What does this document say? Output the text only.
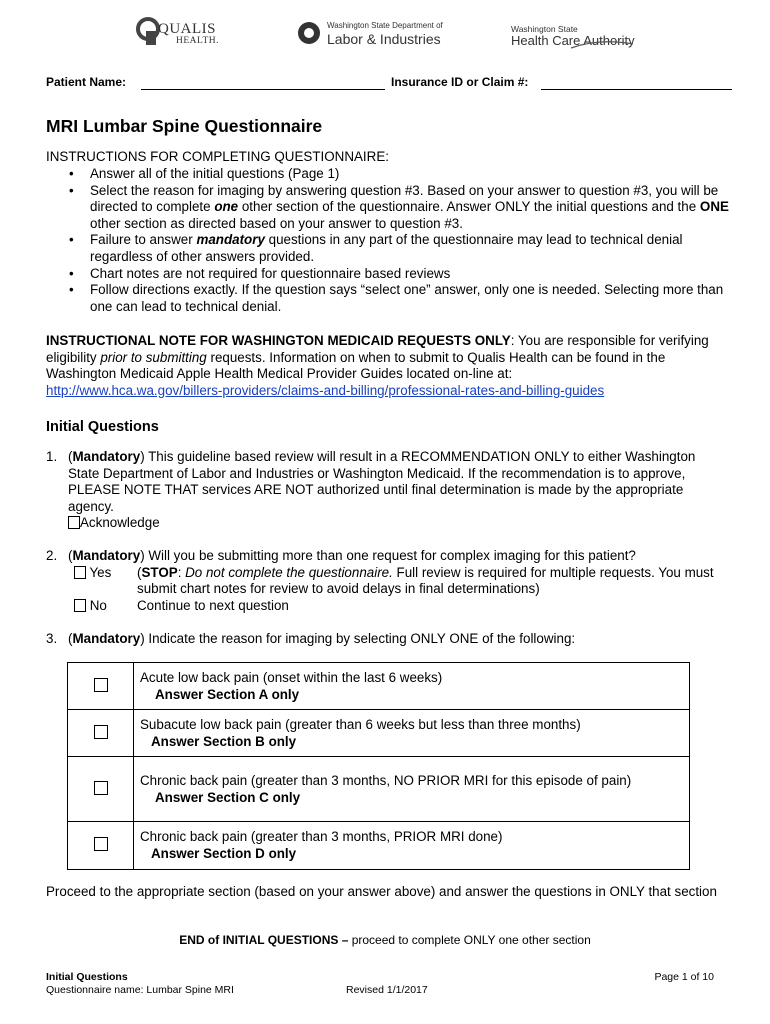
QUALIS
HEALTH.
Washington State Department of
Labor & Industries
Washington State
Health Care Authority
Patient Name:	Insurance ID or Claim #:
MRI Lumbar Spine Questionnaire
INSTRUCTIONS FOR COMPLETING QUESTIONNAIRE:
• Answer all of the initial questions (Page 1)
• Select the reason for imaging by answering question #3. Based on your answer to question #3, you will be directed to complete one other section of the questionnaire. Answer ONLY the initial questions and the ONE other section as directed based on your answer to question #3.
• Failure to answer mandatory questions in any part of the questionnaire may lead to technical denial regardless of other answers provided.
• Chart notes are not required for questionnaire based reviews
• Follow directions exactly. If the question says “select one” answer, only one is needed. Selecting more than one can lead to technical denial.
INSTRUCTIONAL NOTE FOR WASHINGTON MEDICAID REQUESTS ONLY: You are responsible for verifying eligibility prior to submitting requests. Information on when to submit to Qualis Health can be found in the Washington Medicaid Apple Health Medical Provider Guides located on-line at:
http://www.hca.wa.gov/billers-providers/claims-and-billing/professional-rates-and-billing-guides
Initial Questions
1. (Mandatory) This guideline based review will result in a RECOMMENDATION ONLY to either Washington State Department of Labor and Industries or Washington Medicaid. If the recommendation is to approve, PLEASE NOTE THAT services ARE NOT authorized until final determination is made by the appropriate agency.
Acknowledge
2. (Mandatory) Will you be submitting more than one request for complex imaging for this patient?
Yes (STOP: Do not complete the questionnaire. Full review is required for multiple requests. You must submit chart notes for review to avoid delays in final determinations)
No Continue to next question
3. (Mandatory) Indicate the reason for imaging by selecting ONLY ONE of the following:
	Acute low back pain (onset within the last 6 weeks)
Answer Section A only
	Subacute low back pain (greater than 6 weeks but less than three months)
Answer Section B only
	Chronic back pain (greater than 3 months, NO PRIOR MRI for this episode of pain)
Answer Section C only
	Chronic back pain (greater than 3 months, PRIOR MRI done)
Answer Section D only
Proceed to the appropriate section (based on your answer above) and answer the questions in ONLY that section
END of INITIAL QUESTIONS – proceed to complete ONLY one other section
Initial Questions
Questionnaire name: Lumbar Spine MRI	Revised 1/1/2017
Page 1 of 10
